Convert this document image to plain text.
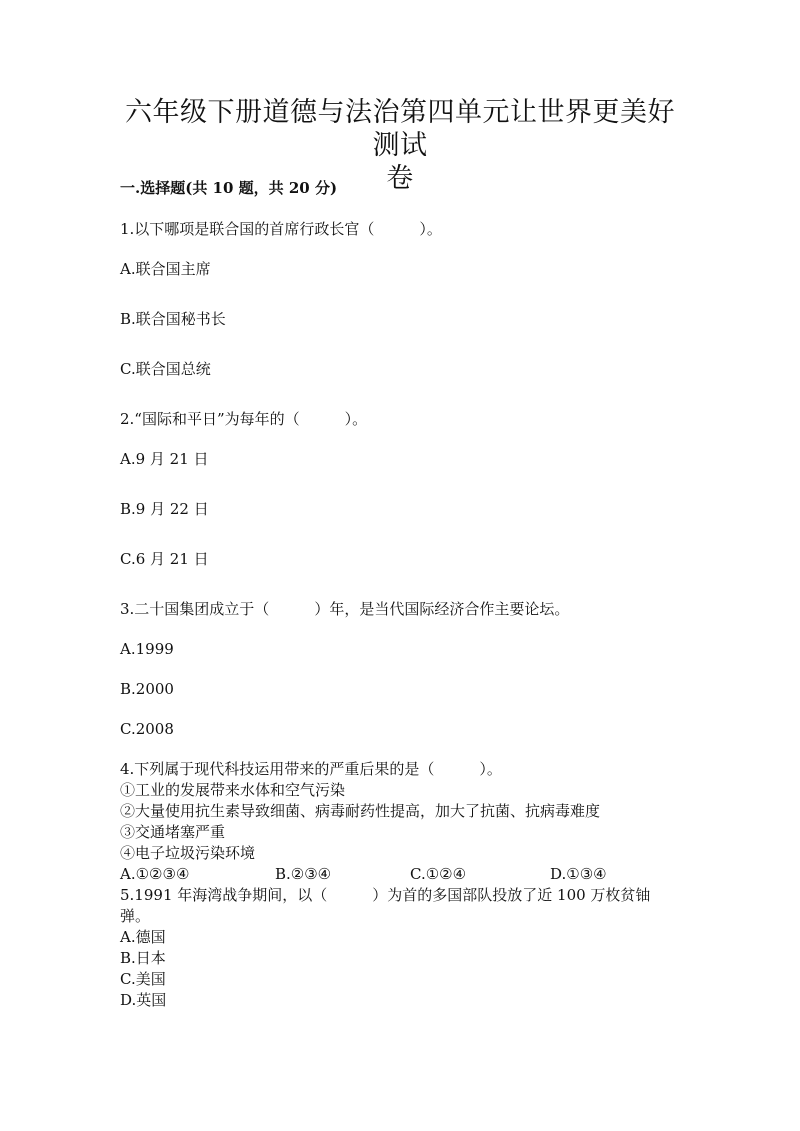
六年级下册道德与法治第四单元让世界更美好测试
卷
一.选择题(共 10 题，共 20 分)
1.以下哪项是联合国的首席行政长官（　　　）。
A.联合国主席
B.联合国秘书长
C.联合国总统
2.“国际和平日”为每年的（　　　）。
A.9 月 21 日
B.9 月 22 日
C.6 月 21 日
3.二十国集团成立于（　　　）年，是当代国际经济合作主要论坛。
A.1999
B.2000
C.2008
4.下列属于现代科技运用带来的严重后果的是（　　　）。
①工业的发展带来水体和空气污染
②大量使用抗生素导致细菌、病毒耐药性提高，加大了抗菌、抗病毒难度
③交通堵塞严重
④电子垃圾污染环境
A.①②③④	B.②③④	C.①②④	D.①③④
5.1991 年海湾战争期间，以（　　　）为首的多国部队投放了近 100 万枚贫铀
弹。
A.德国
B.日本
C.美国
D.英国
